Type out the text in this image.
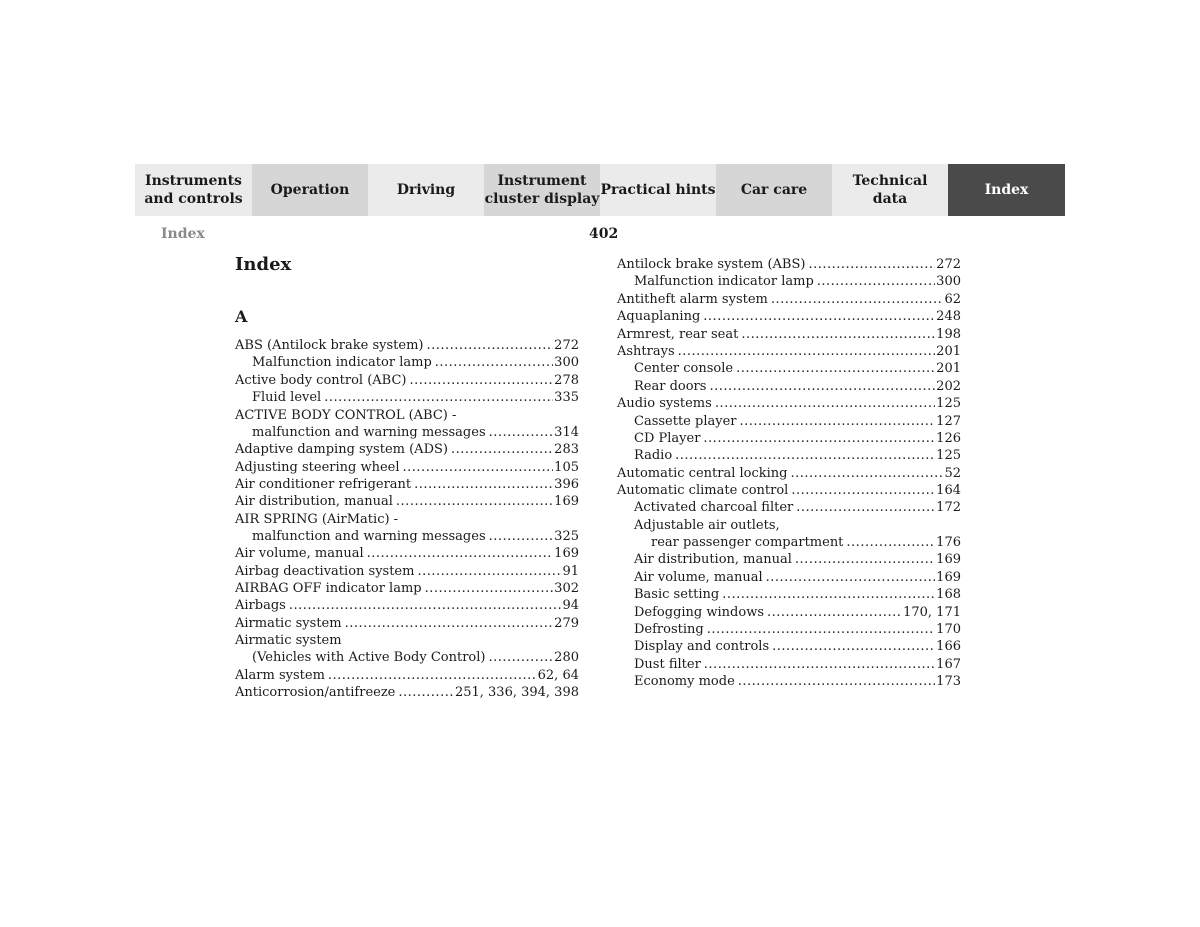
Instruments
and controls
Operation	Driving
Instrument
cluster display
Practical hints	Car care
Technical
data
Index
Index	402
Index
A
ABS (Antilock brake system) .....	272
Malfunction indicator lamp .....	300
Active body control (ABC) .....	278
Fluid level .....	335
ACTIVE BODY CONTROL (ABC) -
malfunction and warning messages .....	314
Adaptive damping system (ADS) .....	283
Adjusting steering wheel .....	105
Air conditioner refrigerant .....	396
Air distribution, manual .....	169
AIR SPRING (AirMatic) -
malfunction and warning messages .....	325
Air volume, manual .....	169
Airbag deactivation system .....	91
AIRBAG OFF indicator lamp .....	302
Airbags .....	94
Airmatic system .....	279
Airmatic system
(Vehicles with Active Body Control) .....	280
Alarm system .....	62, 64
Anticorrosion/antifreeze .....	251, 336, 394, 398
Antilock brake system (ABS) .....	272
Malfunction indicator lamp .....	300
Antitheft alarm system .....	62
Aquaplaning .....	248
Armrest, rear seat .....	198
Ashtrays .....	201
Center console .....	201
Rear doors .....	202
Audio systems .....	125
Cassette player .....	127
CD Player .....	126
Radio .....	125
Automatic central locking .....	52
Automatic climate control .....	164
Activated charcoal filter .....	172
Adjustable air outlets,
rear passenger compartment .....	176
Air distribution, manual .....	169
Air volume, manual .....	169
Basic setting .....	168
Defogging windows .....	170, 171
Defrosting .....	170
Display and controls .....	166
Dust filter .....	167
Economy mode .....	173
